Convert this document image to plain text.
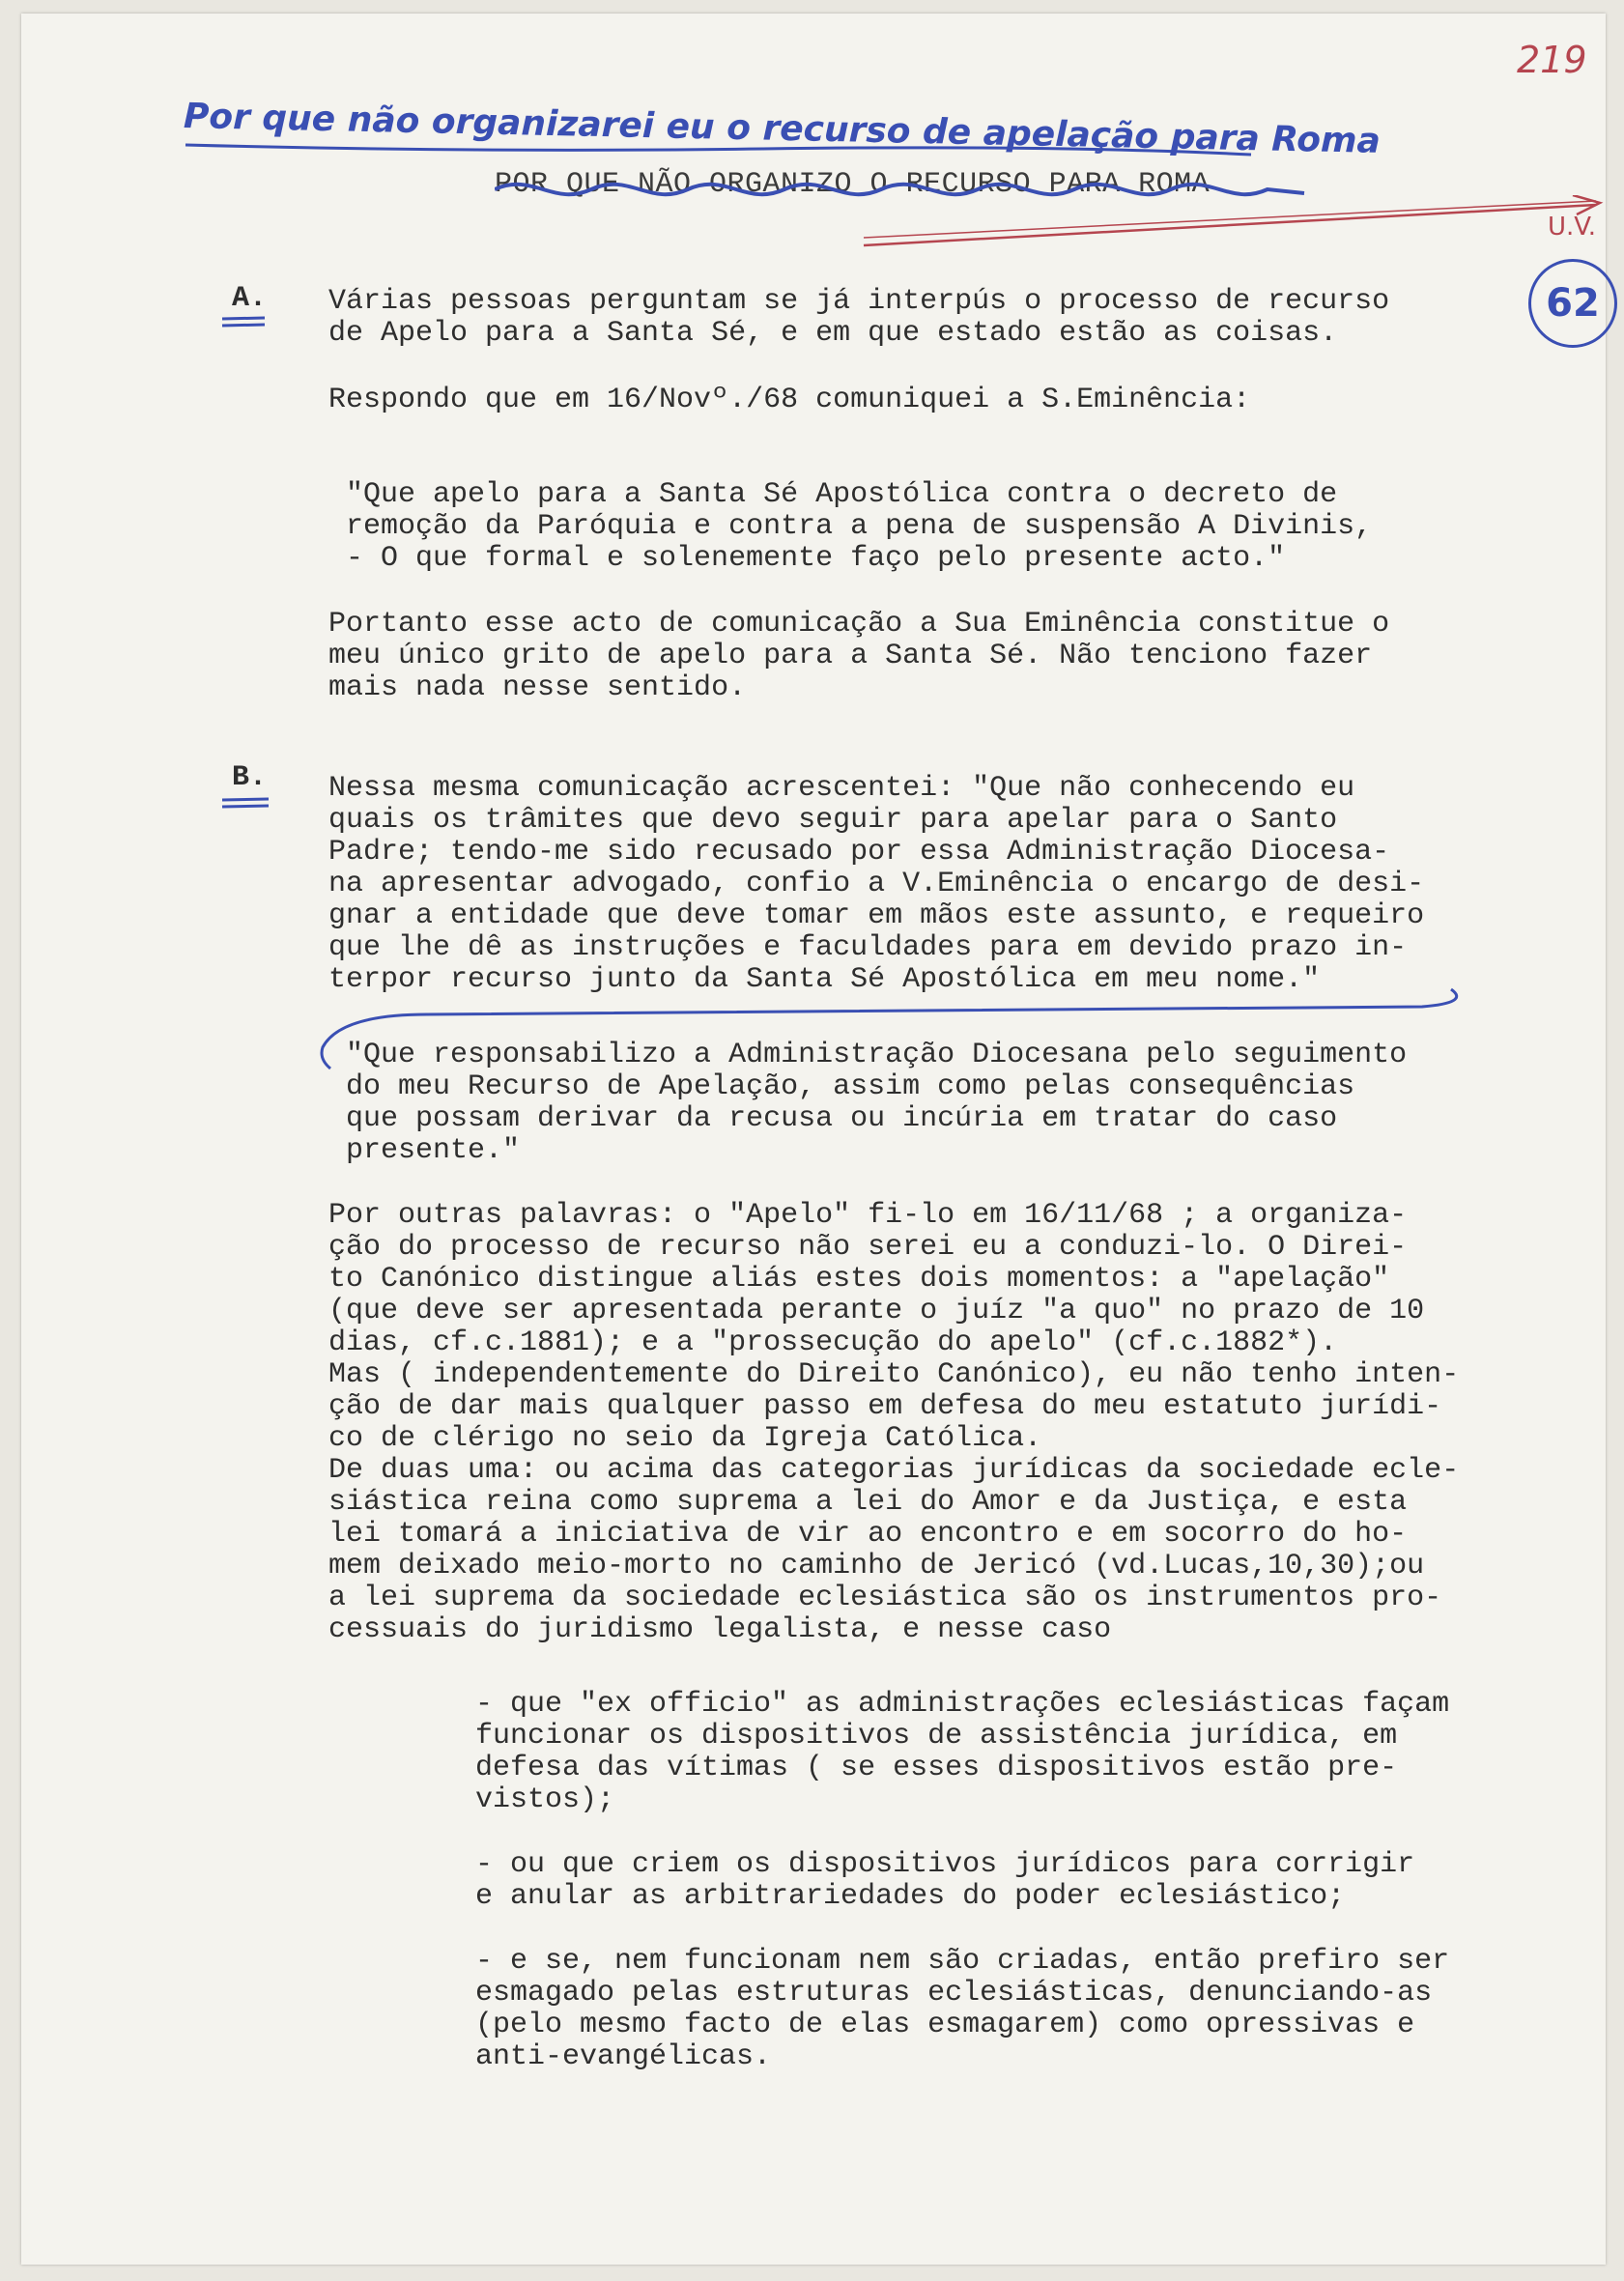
219
U.V.
62
Por que não organizarei eu o recurso de apelação para Roma
POR QUE NÃO ORGANIZO O RECURSO PARA ROMA
A. Várias pessoas perguntam se já interpús o processo de recurso
de Apelo para a Santa Sé, e em que estado estão as coisas.
Respondo que em 16/Novº./68 comuniquei a S.Eminência:
"Que apelo para a Santa Sé Apostólica contra o decreto de
remoção da Paróquia e contra a pena de suspensão A Divinis,
- O que formal e solenemente faço pelo presente acto."
Portanto esse acto de comunicação a Sua Eminência constitue o
meu único grito de apelo para a Santa Sé. Não tenciono fazer
mais nada nesse sentido.
B. Nessa mesma comunicação acrescentei: "Que não conhecendo eu
quais os trâmites que devo seguir para apelar para o Santo
Padre; tendo-me sido recusado por essa Administração Diocesa-
na apresentar advogado, confio a V.Eminência o encargo de desi-
gnar a entidade que deve tomar em mãos este assunto, e requeiro
que lhe dê as instruções e faculdades para em devido prazo in-
terpor recurso junto da Santa Sé Apostólica em meu nome."
"Que responsabilizo a Administração Diocesana pelo seguimento
do meu Recurso de Apelação, assim como pelas consequências
que possam derivar da recusa ou incúria em tratar do caso
presente."
Por outras palavras: o "Apelo" fi-lo em 16/11/68 ; a organiza-
ção do processo de recurso não serei eu a conduzi-lo. O Direi-
to Canónico distingue aliás estes dois momentos: a "apelação"
(que deve ser apresentada perante o juíz "a quo" no prazo de 10
dias, cf.c.1881); e a "prossecução do apelo" (cf.c.1882*).
Mas ( independentemente do Direito Canónico), eu não tenho inten-
ção de dar mais qualquer passo em defesa do meu estatuto jurídi-
co de clérigo no seio da Igreja Católica.
De duas uma: ou acima das categorias jurídicas da sociedade ecle-
siástica reina como suprema a lei do Amor e da Justiça, e esta
lei tomará a iniciativa de vir ao encontro e em socorro do ho-
mem deixado meio-morto no caminho de Jericó (vd.Lucas,10,30);ou
a lei suprema da sociedade eclesiástica são os instrumentos pro-
cessuais do juridismo legalista, e nesse caso
- que "ex officio" as administrações eclesiásticas façam
funcionar os dispositivos de assistência jurídica, em
defesa das vítimas ( se esses dispositivos estão pre-
vistos);
- ou que criem os dispositivos jurídicos para corrigir
e anular as arbitrariedades do poder eclesiástico;
- e se, nem funcionam nem são criadas, então prefiro ser
esmagado pelas estruturas eclesiásticas, denunciando-as
(pelo mesmo facto de elas esmagarem) como opressivas e
anti-evangélicas.
